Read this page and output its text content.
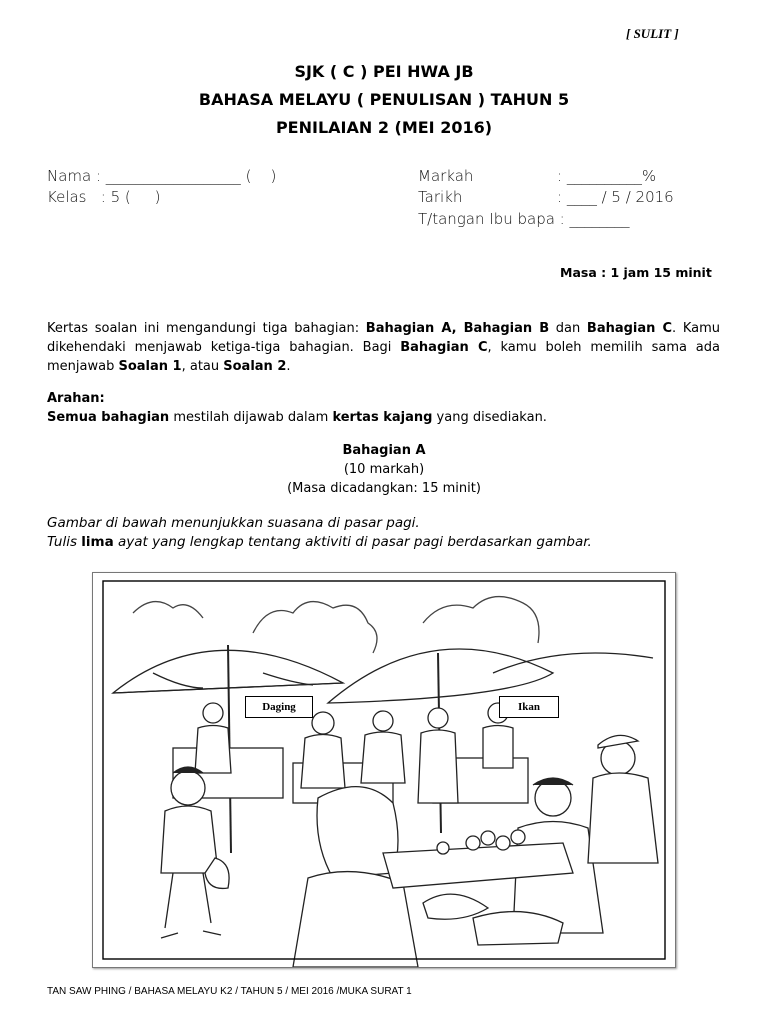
[ SULIT ]
SJK ( C ) PEI HWA JB
BAHASA MELAYU ( PENULISAN ) TAHUN 5
PENILAIAN 2 (MEI 2016)
Nama : __________________ (    )
Kelas   : 5 (     )
Markah	: __________%
Tarikh	: ____ / 5 / 2016
T/tangan Ibu bapa : ________
Masa : 1 jam 15 minit
Kertas soalan ini mengandungi tiga bahagian: Bahagian A, Bahagian B dan Bahagian C. Kamu dikehendaki menjawab ketiga-tiga bahagian. Bagi Bahagian C, kamu boleh memilih sama ada menjawab Soalan 1, atau Soalan 2.
Arahan:
Semua bahagian mestilah dijawab dalam kertas kajang yang disediakan.
Bahagian A
(10 markah)
(Masa dicadangkan: 15 minit)
Gambar di bawah menunjukkan suasana di pasar pagi.
Tulis lima ayat yang lengkap tentang aktiviti di pasar pagi berdasarkan gambar.
Daging	Ikan
TAN SAW PHING / BAHASA MELAYU K2 / TAHUN 5 / MEI 2016 /MUKA SURAT 1
